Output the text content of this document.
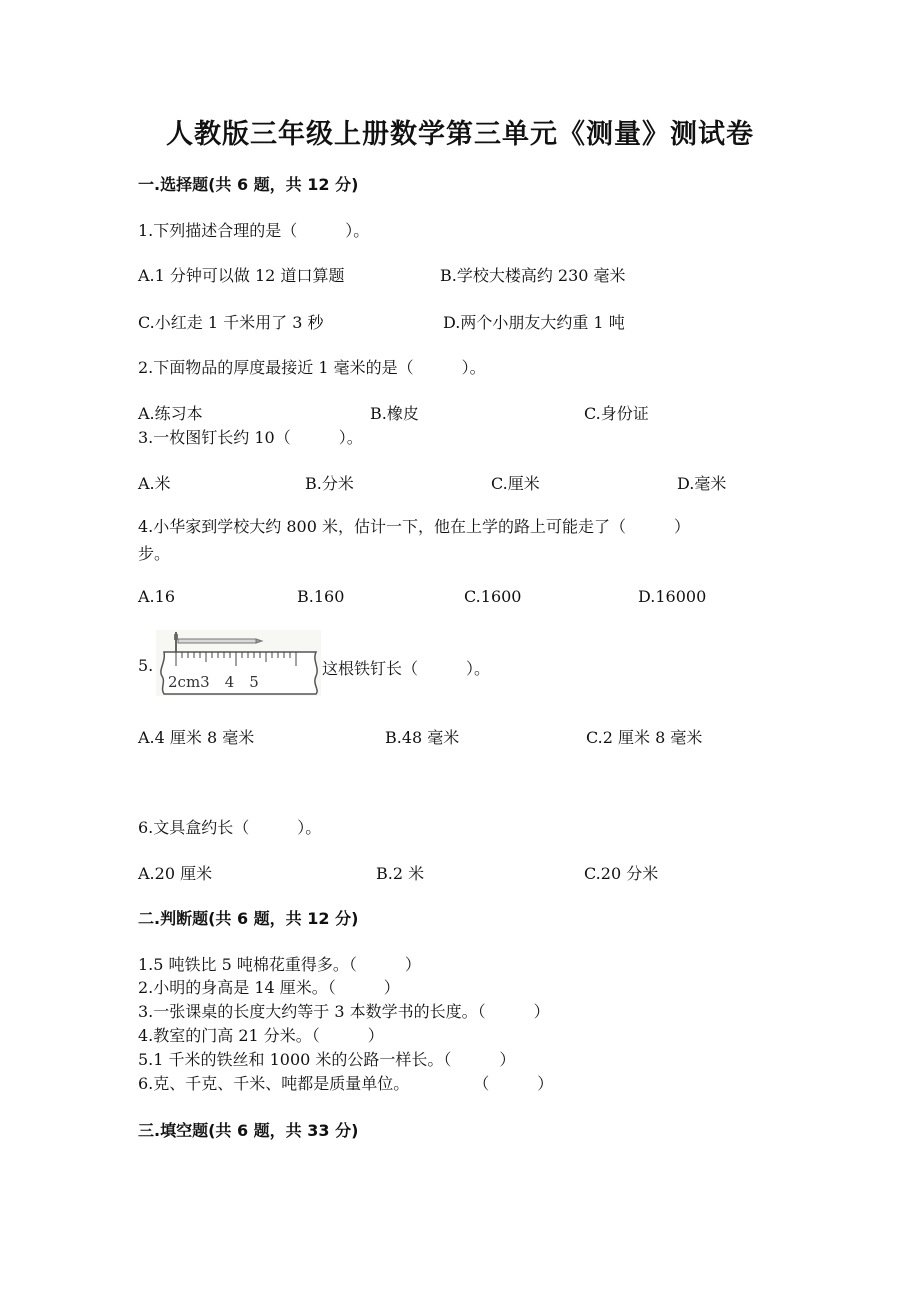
人教版三年级上册数学第三单元《测量》测试卷
一.选择题(共 6 题，共 12 分)
1.下列描述合理的是（　　　）。
A.1 分钟可以做 12 道口算题	B.学校大楼高约 230 毫米
C.小红走 1 千米用了 3 秒	D.两个小朋友大约重 1 吨
2.下面物品的厚度最接近 1 毫米的是（　　　）。
A.练习本	B.橡皮	C.身份证
3.一枚图钉长约 10（　　　）。
A.米	B.分米	C.厘米	D.毫米
4.小华家到学校大约 800 米，估计一下，他在上学的路上可能走了（　　　）
步。
A.16	B.160	C.1600	D.16000
5.
2cm3　4　5
这根铁钉长（　　　）。
A.4 厘米 8 毫米	B.48 毫米	C.2 厘米 8 毫米
6.文具盒约长（　　　）。
A.20 厘米	B.2 米	C.20 分米
二.判断题(共 6 题，共 12 分)
1.5 吨铁比 5 吨棉花重得多。（　　　）
2.小明的身高是 14 厘米。（　　　）
3.一张课桌的长度大约等于 3 本数学书的长度。（　　　）
4.教室的门高 21 分米。（　　　）
5.1 千米的铁丝和 1000 米的公路一样长。（　　　）
6.克、千克、千米、吨都是质量单位。　　　　　（　　　）
三.填空题(共 6 题，共 33 分)
